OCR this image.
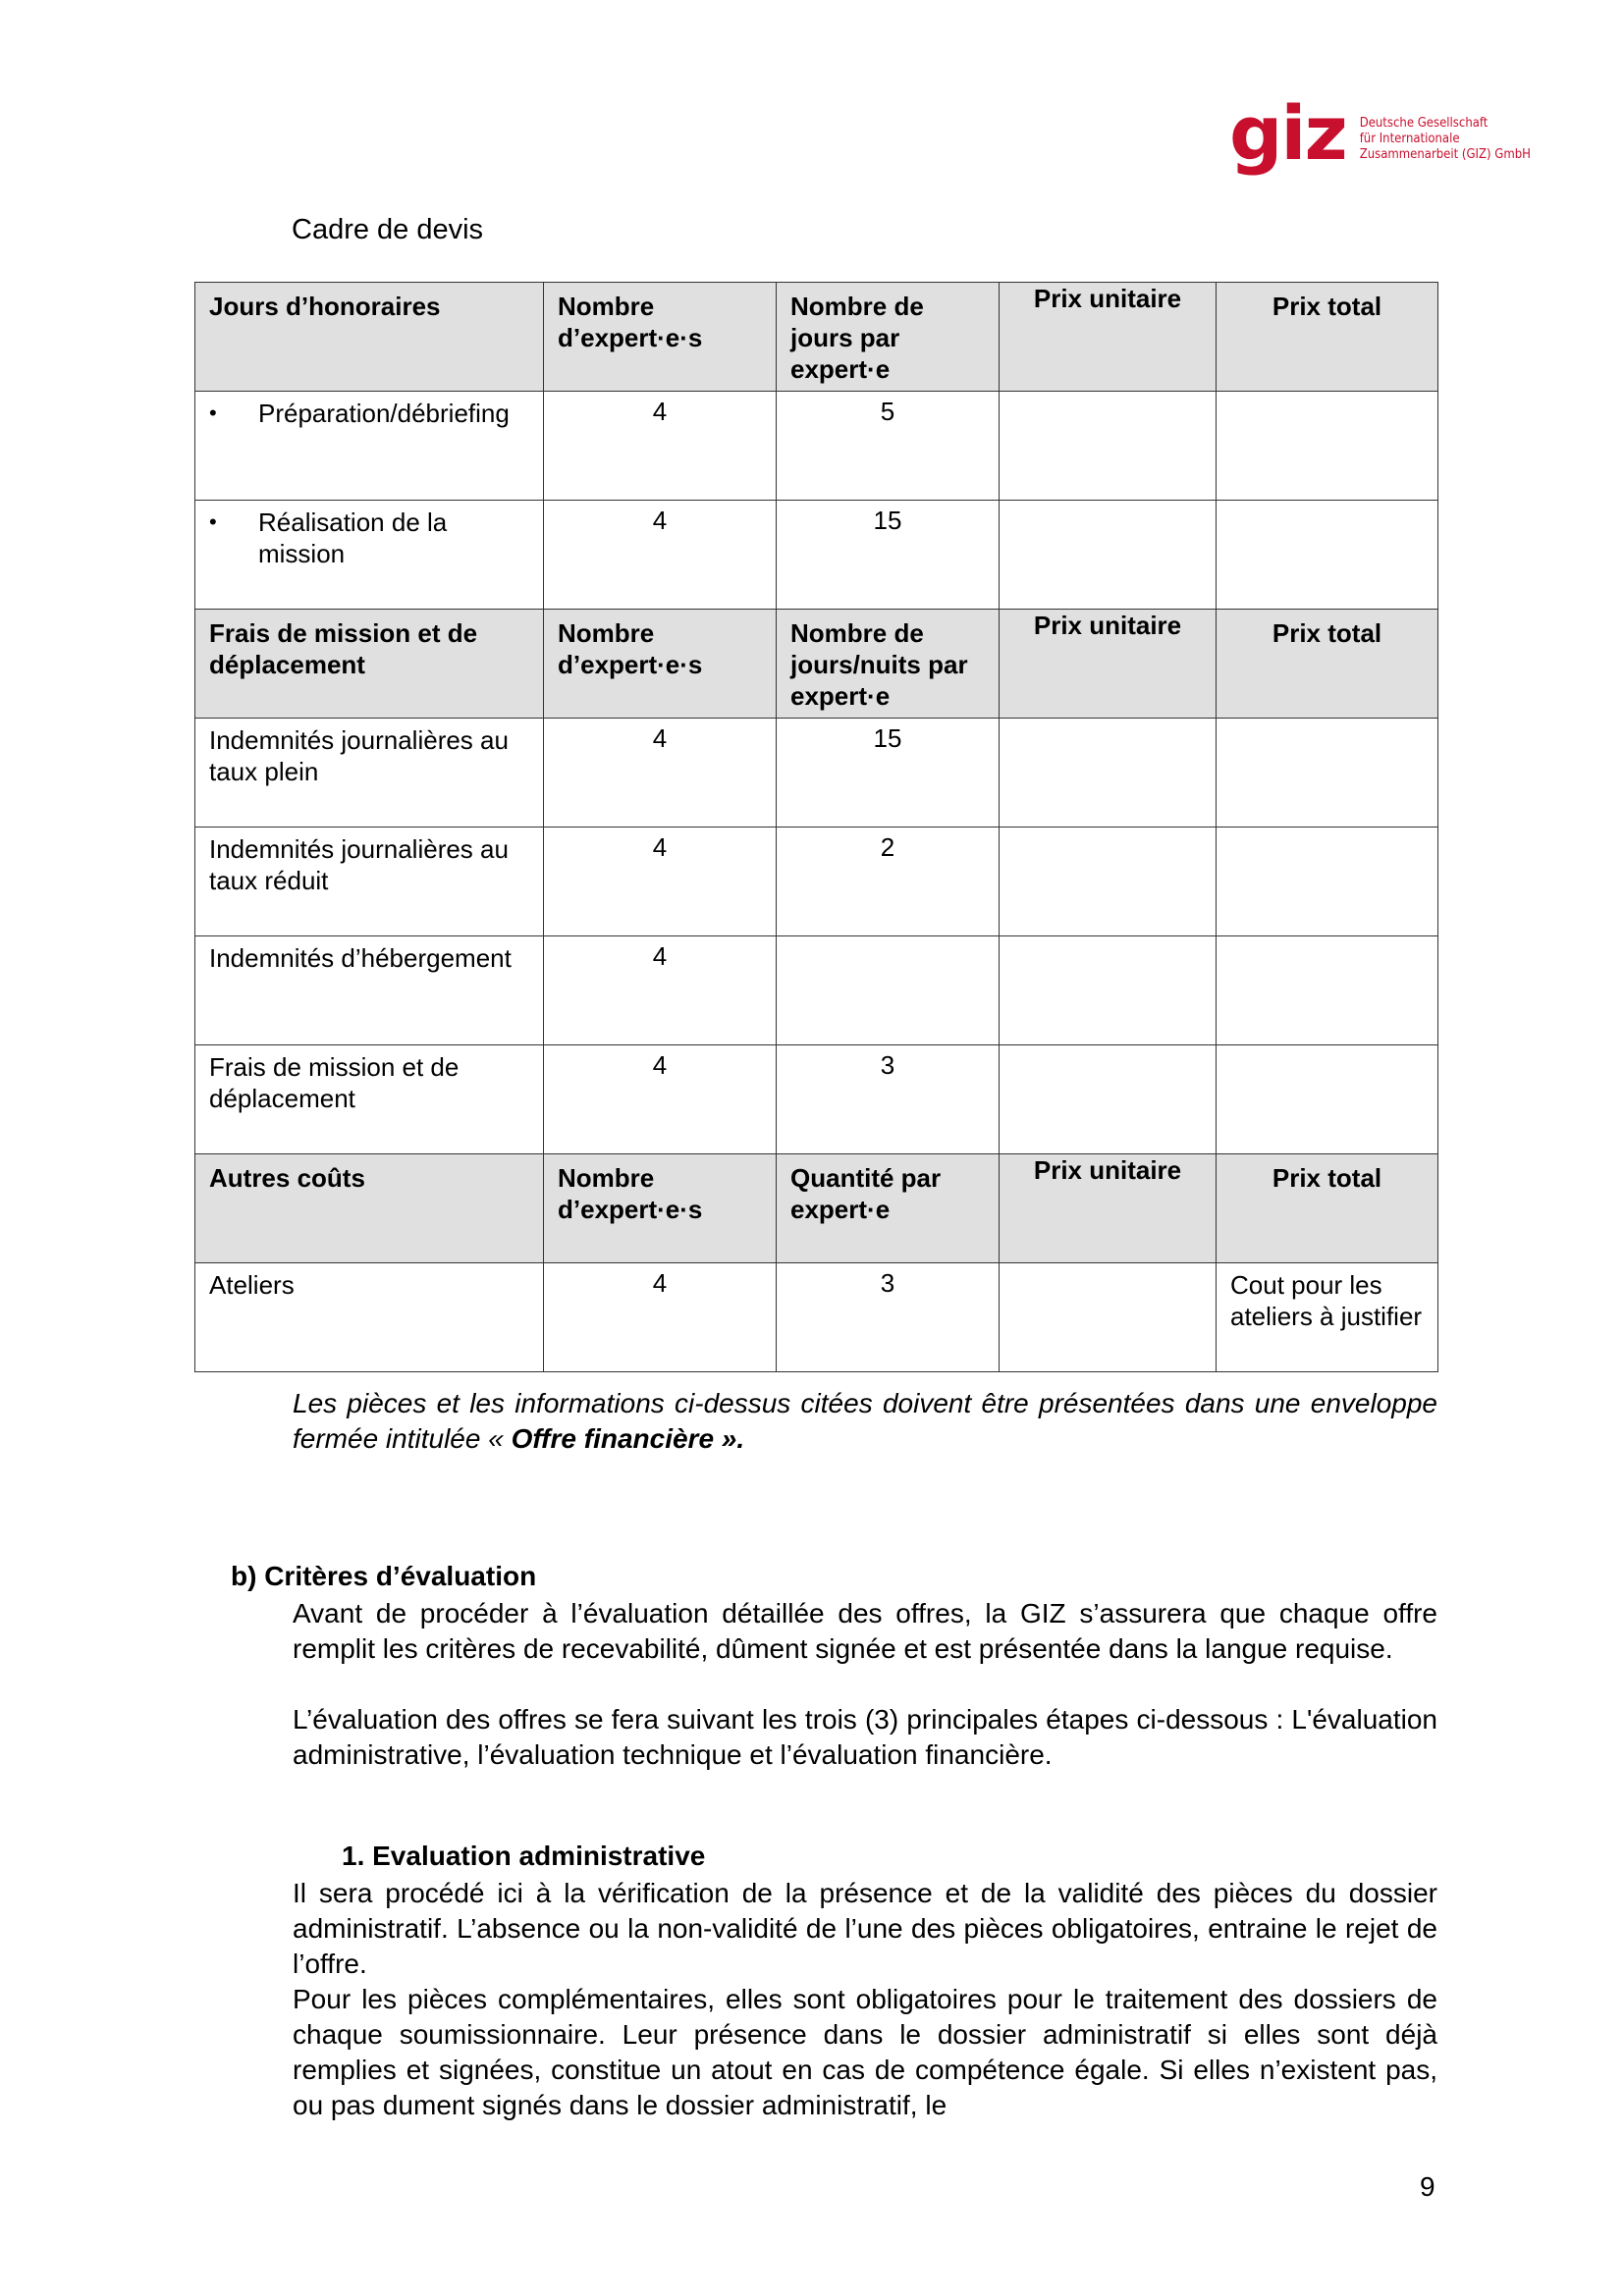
giz Deutsche Gesellschaft
für Internationale
Zusammenarbeit (GIZ) GmbH
Cadre de devis
Jours d’honoraires	Nombre d’expert·e·s	Nombre de jours par expert·e	Prix unitaire	Prix total

• Préparation/débriefing	4	5		

• Réalisation de la mission	4	15		
Frais de mission et de déplacement	Nombre d’expert·e·s	Nombre de jours/nuits par expert·e	Prix unitaire	Prix total
Indemnités journalières au taux plein	4	15		
Indemnités journalières au taux réduit	4	2		
Indemnités d’hébergement	4			
Frais de mission et de déplacement	4	3		
Autres coûts	Nombre d’expert·e·s	Quantité par expert·e	Prix unitaire	Prix total
Ateliers	4	3		Cout pour les ateliers à justifier
Les pièces et les informations ci-dessus citées doivent être présentées dans une enveloppe fermée intitulée « Offre financière ».
b) Critères d’évaluation
Avant de procéder à l’évaluation détaillée des offres, la GIZ s’assurera que chaque offre remplit les critères de recevabilité, dûment signée et est présentée dans la langue requise.
L’évaluation des offres se fera suivant les trois (3) principales étapes ci-dessous : L'évaluation administrative, l’évaluation technique et l’évaluation financière.
1. Evaluation administrative
Il sera procédé ici à la vérification de la présence et de la validité des pièces du dossier administratif. L’absence ou la non-validité de l’une des pièces obligatoires, entraine le rejet de l’offre.
Pour les pièces complémentaires, elles sont obligatoires pour le traitement des dossiers de chaque soumissionnaire. Leur présence dans le dossier administratif si elles sont déjà remplies et signées, constitue un atout en cas de compétence égale. Si elles n’existent pas, ou pas dument signés dans le dossier administratif, le
9
